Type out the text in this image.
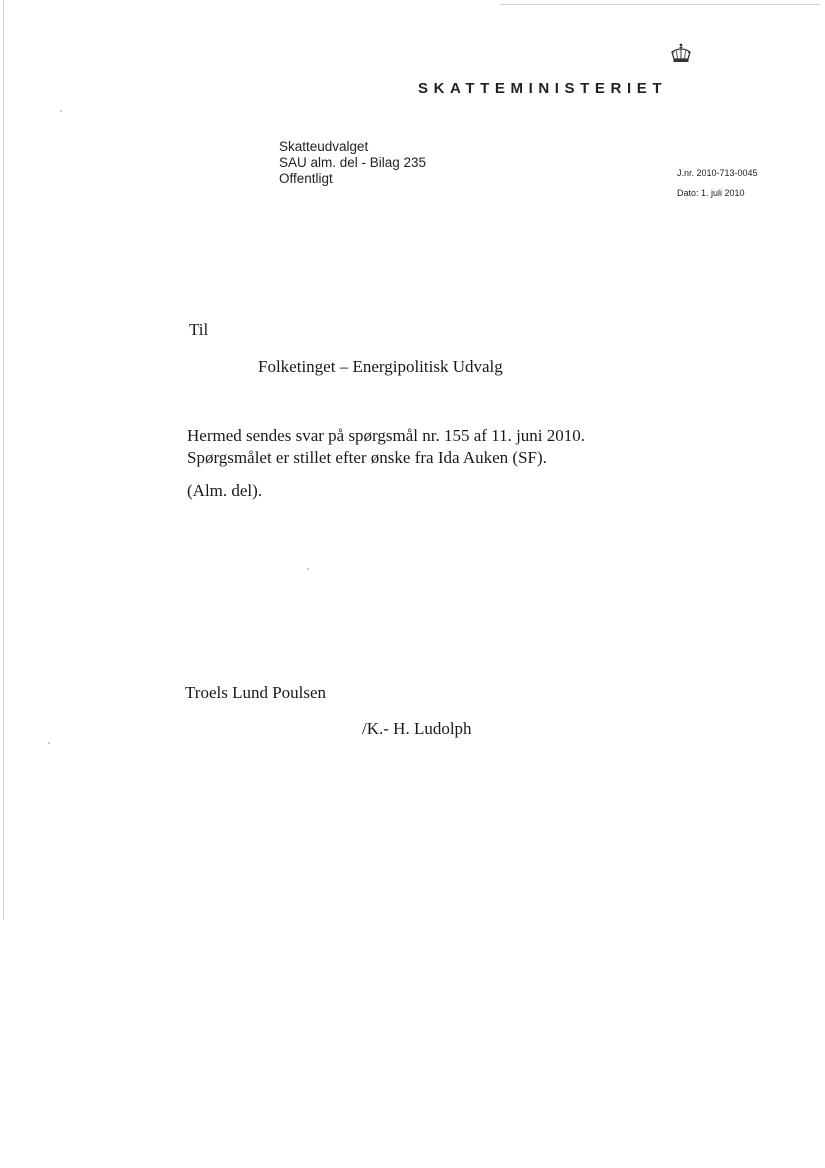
SKATTEMINISTERIET
Skatteudvalget
SAU alm. del - Bilag 235
Offentligt	J.nr. 2010-713-0045
Dato: 1. juli 2010
Til
Folketinget – Energipolitisk Udvalg
Hermed sendes svar på spørgsmål nr. 155 af 11. juni 2010.
Spørgsmålet er stillet efter ønske fra Ida Auken (SF).
(Alm. del).
Troels Lund Poulsen
/K.- H. Ludolph
